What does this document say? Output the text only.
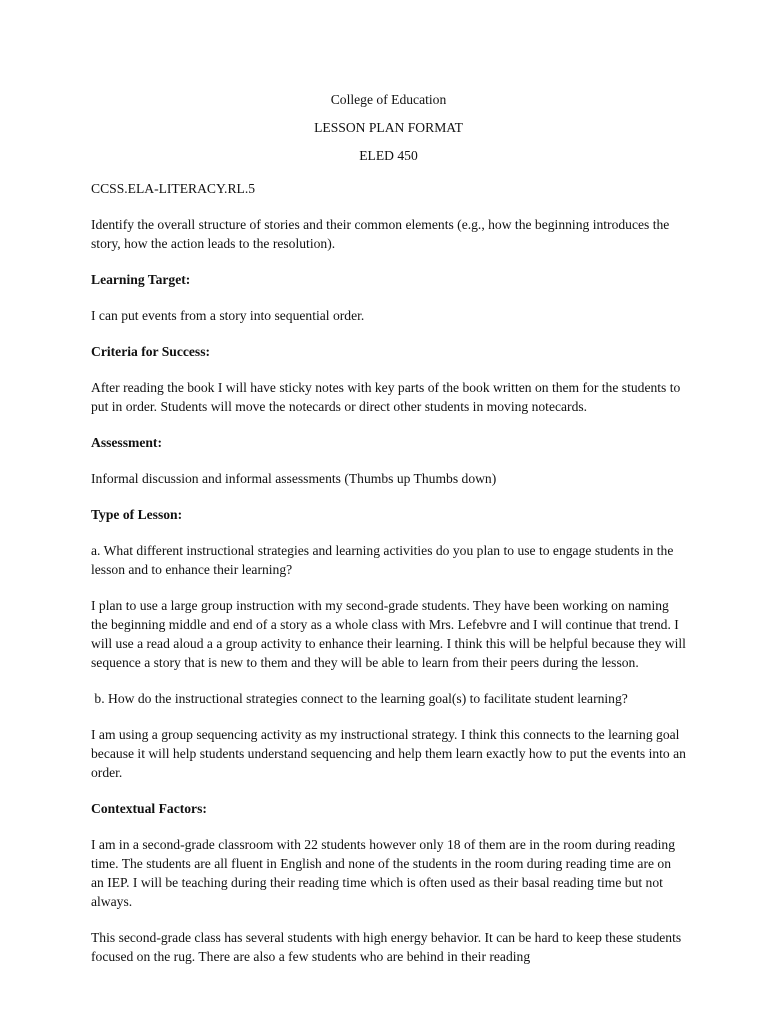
College of Education
LESSON PLAN FORMAT
ELED 450

CCSS.ELA-LITERACY.RL.5

Identify the overall structure of stories and their common elements (e.g., how the beginning introduces the story, how the action leads to the resolution).

Learning Target:

I can put events from a story into sequential order.

Criteria for Success:

After reading the book I will have sticky notes with key parts of the book written on them for the students to put in order. Students will move the notecards or direct other students in moving notecards.

Assessment:

Informal discussion and informal assessments (Thumbs up Thumbs down)

Type of Lesson:

a. What different instructional strategies and learning activities do you plan to use to engage students in the lesson and to enhance their learning?

I plan to use a large group instruction with my second-grade students. They have been working on naming the beginning middle and end of a story as a whole class with Mrs. Lefebvre and I will continue that trend. I will use a read aloud a a group activity to enhance their learning. I think this will be helpful because they will sequence a story that is new to them and they will be able to learn from their peers during the lesson.

b. How do the instructional strategies connect to the learning goal(s) to facilitate student learning?

I am using a group sequencing activity as my instructional strategy. I think this connects to the learning goal because it will help students understand sequencing and help them learn exactly how to put the events into an order.

Contextual Factors:

I am in a second-grade classroom with 22 students however only 18 of them are in the room during reading time. The students are all fluent in English and none of the students in the room during reading time are on an IEP. I will be teaching during their reading time which is often used as their basal reading time but not always.

This second-grade class has several students with high energy behavior. It can be hard to keep these students focused on the rug. There are also a few students who are behind in their reading
